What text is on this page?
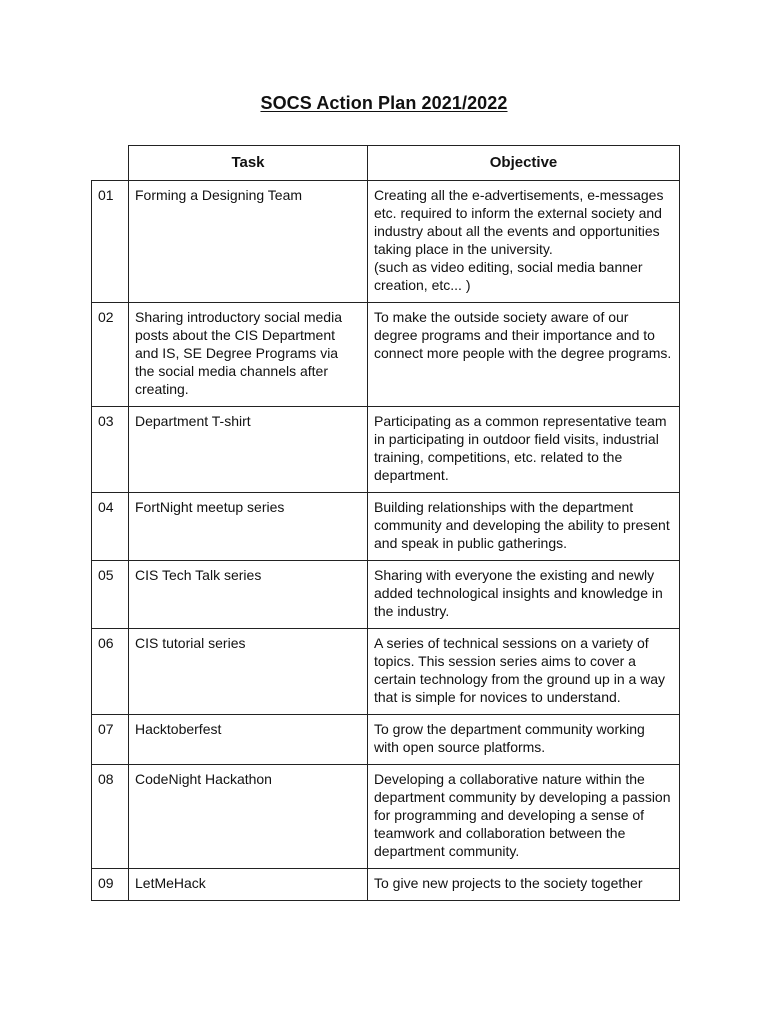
SOCS Action Plan 2021/2022
	Task	Objective
01	Forming a Designing Team	Creating all the e-advertisements, e-messages etc. required to inform the external society and industry about all the events and opportunities taking place in the university.
(such as video editing, social media banner creation, etc... )

02	Sharing introductory social media posts about the CIS Department and IS, SE Degree Programs via the social media channels after creating.	To make the outside society aware of our degree programs and their importance and to connect more people with the degree programs.
03	Department T-shirt	Participating as a common representative team in participating in outdoor field visits, industrial training, competitions, etc. related to the department.
04	FortNight meetup series	Building relationships with the department community and developing the ability to present and speak in public gatherings.
05	CIS Tech Talk series	Sharing with everyone the existing and newly added technological insights and knowledge in the industry.
06	CIS tutorial series	A series of technical sessions on a variety of topics. This session series aims to cover a certain technology from the ground up in a way that is simple for novices to understand.
07	Hacktoberfest	To grow the department community working with open source platforms.
08	CodeNight Hackathon	Developing a collaborative nature within the department community by developing a passion for programming and developing a sense of teamwork and collaboration between the department community.
09	LetMeHack	To give new projects to the society together
